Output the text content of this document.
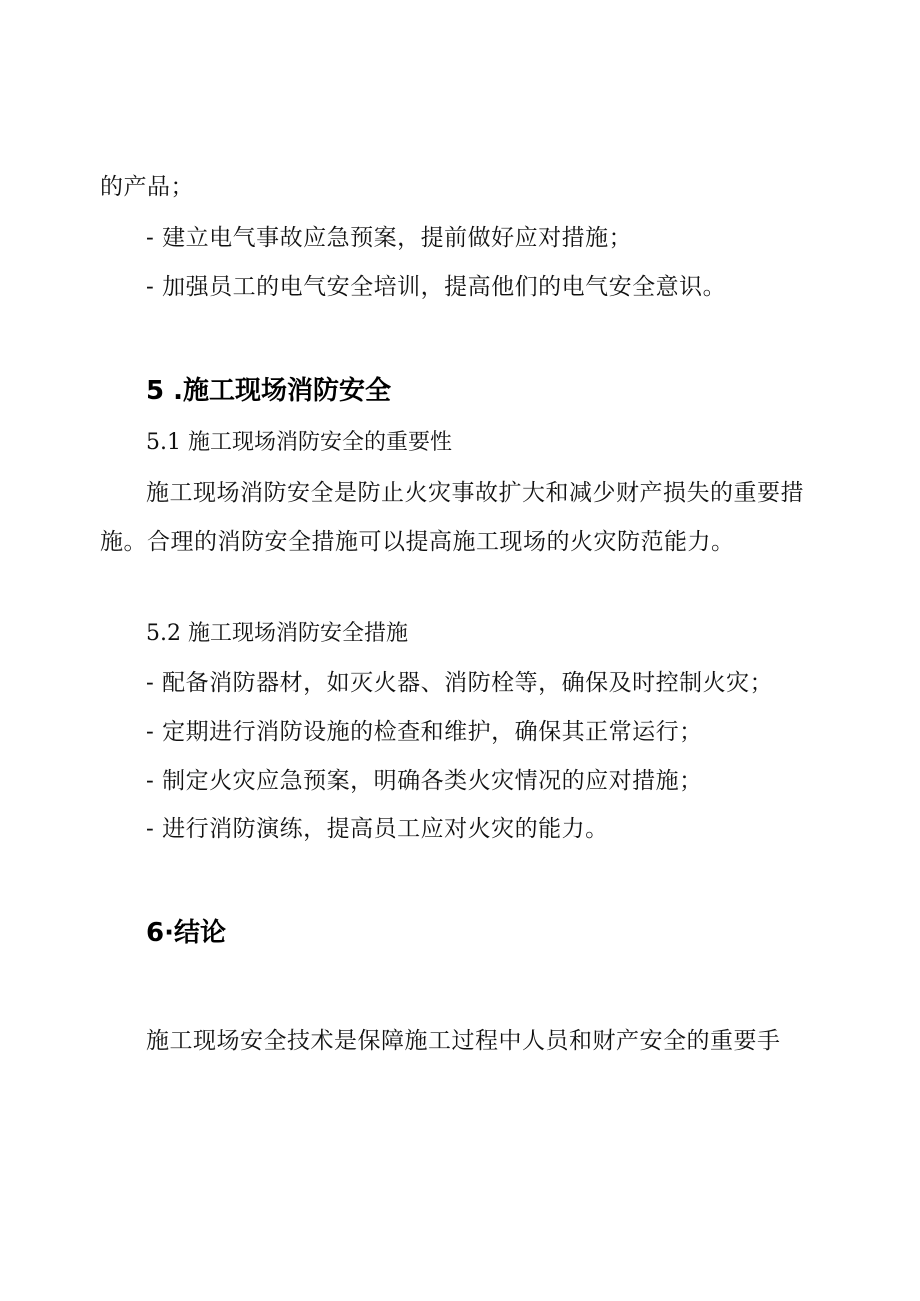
的产品；
- 建立电气事故应急预案，提前做好应对措施；
- 加强员工的电气安全培训，提高他们的电气安全意识。
5 .施工现场消防安全
5.1 施工现场消防安全的重要性
施工现场消防安全是防止火灾事故扩大和减少财产损失的重要措
施。合理的消防安全措施可以提高施工现场的火灾防范能力。
5.2 施工现场消防安全措施
- 配备消防器材，如灭火器、消防栓等，确保及时控制火灾；
- 定期进行消防设施的检查和维护，确保其正常运行；
- 制定火灾应急预案，明确各类火灾情况的应对措施；
- 进行消防演练，提高员工应对火灾的能力。
6·结论
施工现场安全技术是保障施工过程中人员和财产安全的重要手
